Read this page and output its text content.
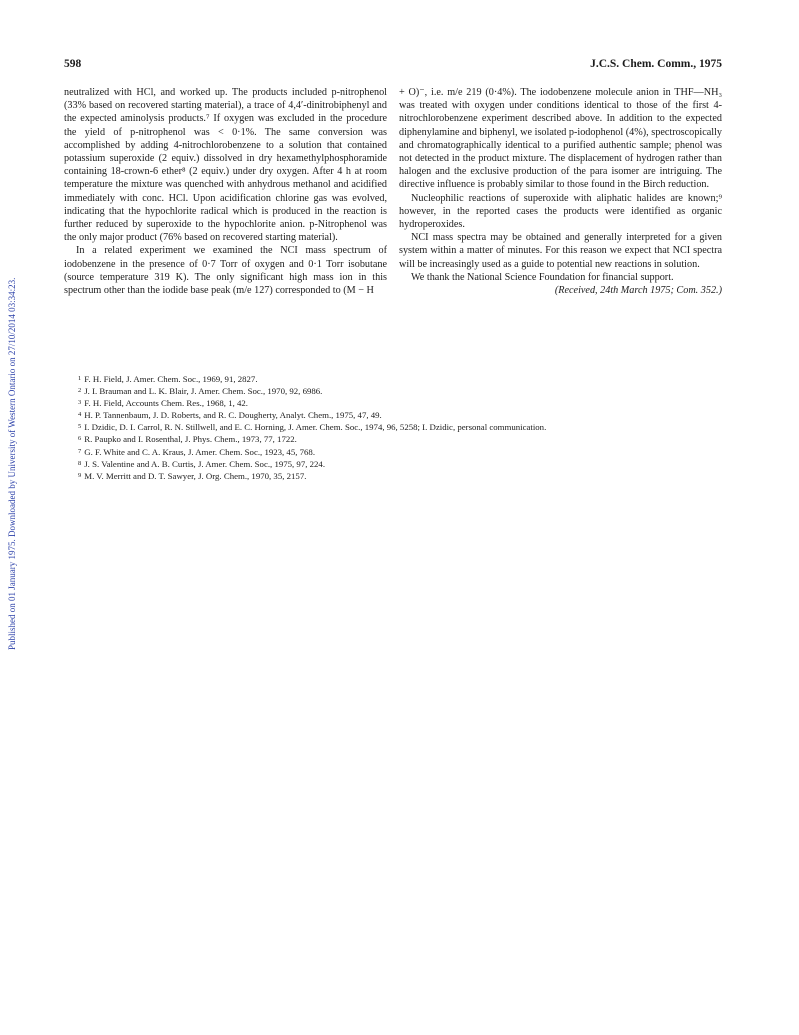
Published on 01 January 1975. Downloaded by University of Western Ontario on 27/10/2014 03:34:23.
598	J.C.S. Chem. Comm., 1975

neutralized with HCl, and worked up. The products included p-nitrophenol (33% based on recovered starting material), a trace of 4,4′-dinitrobiphenyl and the expected aminolysis products.⁷ If oxygen was excluded in the procedure the yield of p-nitrophenol was < 0·1%. The same conversion was accomplished by adding 4-nitrochlorobenzene to a solution that contained potassium superoxide (2 equiv.) dissolved in dry hexamethylphosphoramide containing 18-crown-6 ether⁸ (2 equiv.) under dry oxygen. After 4 h at room temperature the mixture was quenched with anhydrous methanol and acidified immediately with conc. HCl. Upon acidification chlorine gas was evolved, indicating that the hypochlorite radical which is produced in the reaction is further reduced by superoxide to the hypochlorite anion. p-Nitrophenol was the only major product (76% based on recovered starting material).

In a related experiment we examined the NCI mass spectrum of iodobenzene in the presence of 0·7 Torr of oxygen and 0·1 Torr isobutane (source temperature 319 K). The only significant high mass ion in this spectrum other than the iodide base peak (m/e 127) corresponded to (M − H

+ O)⁻, i.e. m/e 219 (0·4%). The iodobenzene molecule anion in THF—NH₃ was treated with oxygen under conditions identical to those of the first 4-nitrochlorobenzene experiment described above. In addition to the expected diphenylamine and biphenyl, we isolated p-iodophenol (4%), spectroscopically and chromatographically identical to a purified authentic sample; phenol was not detected in the product mixture. The displacement of hydrogen rather than halogen and the exclusive production of the para isomer are intriguing. The directive influence is probably similar to those found in the Birch reduction.

Nucleophilic reactions of superoxide with aliphatic halides are known;⁹ however, in the reported cases the products were identified as organic hydroperoxides.

NCI mass spectra may be obtained and generally interpreted for a given system within a matter of minutes. For this reason we expect that NCI spectra will be increasingly used as a guide to potential new reactions in solution.

We thank the National Science Foundation for financial support.

(Received, 24th March 1975; Com. 352.)

$^1$ F. H. Field, J. Amer. Chem. Soc., 1969, 91, 2827.
$^2$ J. I. Brauman and L. K. Blair, J. Amer. Chem. Soc., 1970, 92, 6986.
$^3$ F. H. Field, Accounts Chem. Res., 1968, 1, 42.
$^4$ H. P. Tannenbaum, J. D. Roberts, and R. C. Dougherty, Analyt. Chem., 1975, 47, 49.
$^5$ I. Dzidic, D. I. Carrol, R. N. Stillwell, and E. C. Horning, J. Amer. Chem. Soc., 1974, 96, 5258; I. Dzidic, personal communication.
$^6$ R. Paupko and I. Rosenthal, J. Phys. Chem., 1973, 77, 1722.
$^7$ G. F. White and C. A. Kraus, J. Amer. Chem. Soc., 1923, 45, 768.
$^8$ J. S. Valentine and A. B. Curtis, J. Amer. Chem. Soc., 1975, 97, 224.
$^9$ M. V. Merritt and D. T. Sawyer, J. Org. Chem., 1970, 35, 2157.
